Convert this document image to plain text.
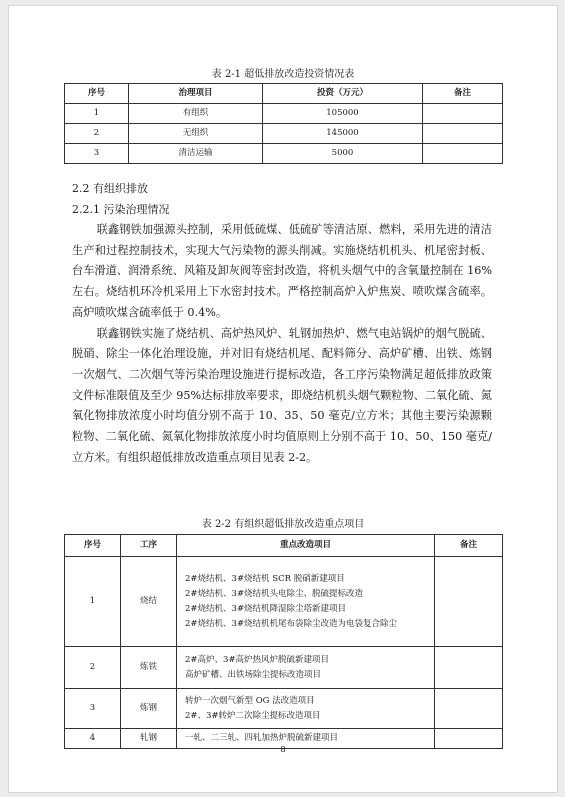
表 2-1 超低排放改造投资情况表
序号	治理项目	投资（万元）	备注
1	有组织	105000	
2	无组织	145000	
3	清洁运输	5000	
2.2 有组织排放
2.2.1 污染治理情况

联鑫钢铁加强源头控制，采用低硫煤、低硫矿等清洁原、燃料，采用先进的清洁生产和过程控制技术，实现大气污染物的源头削减。实施烧结机机头、机尾密封板、台车滑道、润滑系统、风箱及卸灰阀等密封改造，将机头烟气中的含氧量控制在 16%左右。烧结机环冷机采用上下水密封技术。严格控制高炉入炉焦炭、喷吹煤含硫率。高炉喷吹煤含硫率低于 0.4%。

联鑫钢铁实施了烧结机、高炉热风炉、轧钢加热炉、燃气电站锅炉的烟气脱硫、脱硝、除尘一体化治理设施，并对旧有烧结机尾、配料筛分、高炉矿槽、出铁、炼钢一次烟气、二次烟气等污染治理设施进行提标改造，各工序污染物满足超低排放政策文件标准限值及至少 95%达标排放率要求，即烧结机机头烟气颗粒物、二氧化硫、氮氧化物排放浓度小时均值分别不高于 10、35、50 毫克/立方米；其他主要污染源颗粒物、二氧化硫、氮氧化物排放浓度小时均值原则上分别不高于 10、50、150 毫克/立方米。有组织超低排放改造重点项目见表 2-2。

表 2-2 有组织超低排放改造重点项目
序号	工序	重点改造项目	备注
1	烧结	2#烧结机、3#烧结机 SCR 脱硝新建项目
2#烧结机、3#烧结机头电除尘、脱硫提标改造
2#烧结机、3#烧结机降湿除尘塔新建项目
2#烧结机、3#烧结机机尾布袋除尘改造为电袋复合除尘	

2	炼铁	2#高炉、3#高炉热风炉脱硫新建项目
高炉矿槽、出铁场除尘提标改造项目	

3	炼钢	转炉一次烟气新型 OG 法改造项目
2#、3#转炉二次除尘提标改造项目	

4	轧钢	一轧、二三轧、四轧加热炉脱硫新建项目	

8
